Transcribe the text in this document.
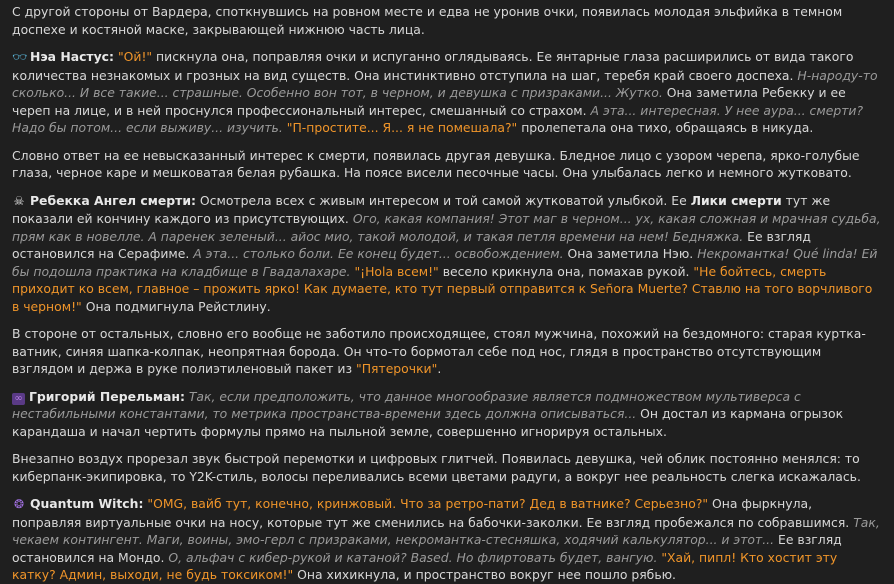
С другой стороны от Вардера, споткнувшись на ровном месте и едва не уронив очки, появилась молодая эльфийка в темном доспехе и костяной маске, закрывающей нижнюю часть лица.

👓︎ Нэа Настус: "Ой!" пискнула она, поправляя очки и испуганно оглядываясь. Ее янтарные глаза расширились от вида такого количества незнакомых и грозных на вид существ. Она инстинктивно отступила на шаг, теребя край своего доспеха. Н-народу-то сколько... И все такие... страшные. Особенно вон тот, в черном, и девушка с призраками... Жутко. Она заметила Ребекку и ее череп на лице, и в ней проснулся профессиональный интерес, смешанный со страхом. А эта... интересная. У нее аура... смерти? Надо бы потом... если выживу... изучить. "П-простите... Я... я не помешала?" пролепетала она тихо, обращаясь в никуда.

Словно ответ на ее невысказанный интерес к смерти, появилась другая девушка. Бледное лицо с узором черепа, ярко-голубые глаза, черное каре и мешковатая белая рубашка. На поясе висели песочные часы. Она улыбалась легко и немного жутковато.

☠ Ребекка Ангел смерти: Осмотрела всех с живым интересом и той самой жутковатой улыбкой. Ее Лики смерти тут же показали ей кончину каждого из присутствующих. Ого, какая компания! Этот маг в черном... ух, какая сложная и мрачная судьба, прям как в новелле. А паренек зеленый... айос мио, такой молодой, и такая петля времени на нем! Бедняжка. Ее взгляд остановился на Серафиме. А эта... столько боли. Ее конец будет... освобождением. Она заметила Нэю. Некромантка! Qué lindа! Ей бы подошла практика на кладбище в Гвадалахаре. "¡Hola всем!" весело крикнула она, помахав рукой. "Не бойтесь, смерть приходит ко всем, главное – прожить ярко! Как думаете, кто тут первый отправится к Señora Muerte? Ставлю на того ворчливого в черном!" Она подмигнула Рейстлину.

В стороне от остальных, словно его вообще не заботило происходящее, стоял мужчина, похожий на бездомного: старая куртка-ватник, синяя шапка-колпак, неопрятная борода. Он что-то бормотал себе под нос, глядя в пространство отсутствующим взглядом и держа в руке полиэтиленовый пакет из "Пятерочки".

∞ Григорий Перельман: Так, если предположить, что данное многообразие является подмножеством мультиверса с нестабильными константами, то метрика пространства-времени здесь должна описываться... Он достал из кармана огрызок карандаша и начал чертить формулы прямо на пыльной земле, совершенно игнорируя остальных.

Внезапно воздух прорезал звук быстрой перемотки и цифровых глитчей. Появилась девушка, чей облик постоянно менялся: то киберпанк-экипировка, то Y2K-стиль, волосы переливались всеми цветами радуги, а вокруг нее реальность слегка искажалась.

❂ Quantum Witch: "OMG, вайб тут, конечно, кринжовый. Что за ретро-пати? Дед в ватнике? Серьезно?" Она фыркнула, поправляя виртуальные очки на носу, которые тут же сменились на бабочки-заколки. Ее взгляд пробежался по собравшимся. Так, чекаем контингент. Маги, воины, эмо-герл с призраками, некромантка-стесняшка, ходячий калькулятор... и этот... Ее взгляд остановился на Мондо. О, альфач с кибер-рукой и катаной? Based. Но флиртовать будет, вангую. "Хай, пипл! Кто хостит эту катку? Админ, выходи, не будь токсиком!" Она хихикнула, и пространство вокруг нее пошло рябью.
